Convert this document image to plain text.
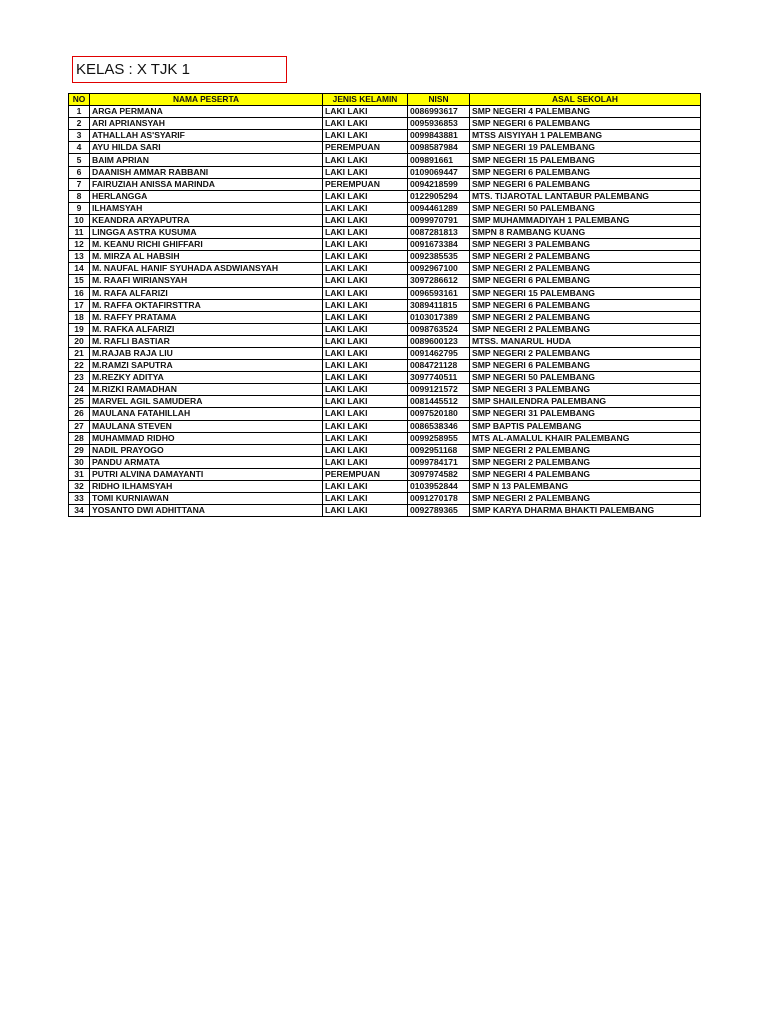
KELAS : X TJK 1
NO	NAMA PESERTA	JENIS KELAMIN	NISN	ASAL SEKOLAH
1	ARGA PERMANA	LAKI LAKI	0086993617	SMP NEGERI 4 PALEMBANG
2	ARI APRIANSYAH	LAKI LAKI	0095936853	SMP NEGERI 6 PALEMBANG
3	ATHALLAH AS'SYARIF	LAKI LAKI	0099843881	MTSS AISYIYAH 1 PALEMBANG
4	AYU HILDA SARI	PEREMPUAN	0098587984	SMP NEGERI 19 PALEMBANG
5	BAIM APRIAN	LAKI LAKI	009891661	SMP NEGERI 15 PALEMBANG
6	DAANISH AMMAR RABBANI	LAKI LAKI	0109069447	SMP NEGERI 6 PALEMBANG
7	FAIRUZIAH ANISSA MARINDA	PEREMPUAN	0094218599	SMP NEGERI 6 PALEMBANG
8	HERLANGGA	LAKI LAKI	0122905294	MTS. TIJAROTAL LANTABUR PALEMBANG
9	ILHAMSYAH	LAKI LAKI	0094461289	SMP NEGERI 50 PALEMBANG
10	KEANDRA ARYAPUTRA	LAKI LAKI	0099970791	SMP MUHAMMADIYAH 1 PALEMBANG
11	LINGGA ASTRA KUSUMA	LAKI LAKI	0087281813	SMPN 8 RAMBANG KUANG
12	M. KEANU RICHI GHIFFARI	LAKI LAKI	0091673384	SMP NEGERI 3 PALEMBANG
13	M. MIRZA AL HABSIH	LAKI LAKI	0092385535	SMP NEGERI 2 PALEMBANG
14	M. NAUFAL HANIF SYUHADA ASDWIANSYAH	LAKI LAKI	0092967100	SMP NEGERI 2 PALEMBANG
15	M. RAAFI WIRIANSYAH	LAKI LAKI	3097286612	SMP NEGERI 6 PALEMBANG
16	M. RAFA ALFARIZI	LAKI LAKI	0096593161	SMP NEGERI 15 PALEMBANG
17	M. RAFFA OKTAFIRSTTRA	LAKI LAKI	3089411815	SMP NEGERI 6 PALEMBANG
18	M. RAFFY PRATAMA	LAKI LAKI	0103017389	SMP NEGERI 2 PALEMBANG
19	M. RAFKA ALFARIZI	LAKI LAKI	0098763524	SMP NEGERI 2 PALEMBANG
20	M. RAFLI BASTIAR	LAKI LAKI	0089600123	MTSS. MANARUL HUDA
21	M.RAJAB RAJA LIU	LAKI LAKI	0091462795	SMP NEGERI 2 PALEMBANG
22	M.RAMZI SAPUTRA	LAKI LAKI	0084721128	SMP NEGERI 6 PALEMBANG
23	M.REZKY ADITYA	LAKI LAKI	3097740511	SMP NEGERI 50 PALEMBANG
24	M.RIZKI RAMADHAN	LAKI LAKI	0099121572	SMP NEGERI 3 PALEMBANG
25	MARVEL AGIL SAMUDERA	LAKI LAKI	0081445512	SMP SHAILENDRA PALEMBANG
26	MAULANA FATAHILLAH	LAKI LAKI	0097520180	SMP NEGERI 31 PALEMBANG
27	MAULANA STEVEN	LAKI LAKI	0086538346	SMP BAPTIS PALEMBANG
28	MUHAMMAD RIDHO	LAKI LAKI	0099258955	MTS AL-AMALUL KHAIR PALEMBANG
29	NADIL PRAYOGO	LAKI LAKI	0092951168	SMP NEGERI 2 PALEMBANG
30	PANDU ARMATA	LAKI LAKI	0099784171	SMP NEGERI 2 PALEMBANG
31	PUTRI ALVINA DAMAYANTI	PEREMPUAN	3097974582	SMP NEGERI 4 PALEMBANG
32	RIDHO ILHAMSYAH	LAKI LAKI	0103952844	SMP N 13 PALEMBANG
33	TOMI KURNIAWAN	LAKI LAKI	0091270178	SMP NEGERI 2 PALEMBANG
34	YOSANTO DWI ADHITTANA	LAKI LAKI	0092789365	SMP KARYA DHARMA BHAKTI PALEMBANG
